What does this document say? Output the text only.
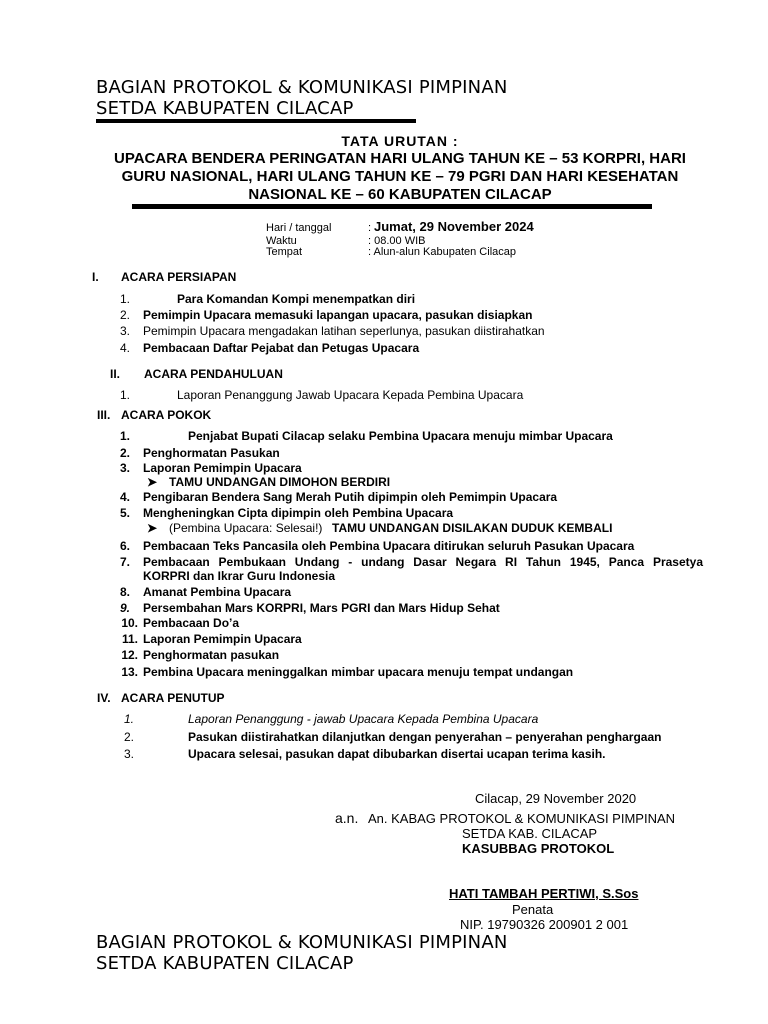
BAGIAN PROTOKOL & KOMUNIKASI PIMPINAN
SETDA KABUPATEN CILACAP
TATA URUTAN :
UPACARA BENDERA PERINGATAN HARI ULANG TAHUN KE – 53 KORPRI, HARI
GURU NASIONAL, HARI ULANG TAHUN KE – 79 PGRI DAN HARI KESEHATAN
NASIONAL KE – 60 KABUPATEN CILACAP
Hari / tanggal	: Jumat, 29 November 2024
Waktu	: 08.00 WIB
Tempat	: Alun-alun Kabupaten Cilacap
I. ACARA PERSIAPAN
1.	Para Komandan Kompi menempatkan diri
2. Pemimpin Upacara memasuki lapangan upacara, pasukan disiapkan
3. Pemimpin Upacara mengadakan latihan seperlunya, pasukan diistirahatkan
4. Pembacaan Daftar Pejabat dan Petugas Upacara
II. ACARA PENDAHULUAN
1.	Laporan Penanggung Jawab Upacara Kepada Pembina Upacara
III. ACARA POKOK
1.	Penjabat Bupati Cilacap selaku Pembina Upacara menuju mimbar Upacara
2. Penghormatan Pasukan
3. Laporan Pemimpin Upacara
➤ TAMU UNDANGAN DIMOHON BERDIRI
4. Pengibaran Bendera Sang Merah Putih dipimpin oleh Pemimpin Upacara
5. Mengheningkan Cipta dipimpin oleh Pembina Upacara
➤ (Pembina Upacara: Selesai!) TAMU UNDANGAN DISILAKAN DUDUK KEMBALI
6. Pembacaan Teks Pancasila oleh Pembina Upacara ditirukan seluruh Pasukan Upacara
7. Pembacaan Pembukaan Undang - undang Dasar Negara RI Tahun 1945, Panca Prasetya
KORPRI dan Ikrar Guru Indonesia
8. Amanat Pembina Upacara
9. Persembahan Mars KORPRI, Mars PGRI dan Mars Hidup Sehat
10. Pembacaan Do’a
11. Laporan Pemimpin Upacara
12. Penghormatan pasukan
13. Pembina Upacara meninggalkan mimbar upacara menuju tempat undangan
IV. ACARA PENUTUP
1.	Laporan Penanggung - jawab Upacara Kepada Pembina Upacara
2.	Pasukan diistirahatkan dilanjutkan dengan penyerahan – penyerahan penghargaan
3.	Upacara selesai, pasukan dapat dibubarkan disertai ucapan terima kasih.
Cilacap, 29 November 2020
a.n. An. KABAG PROTOKOL & KOMUNIKASI PIMPINAN
SETDA KAB. CILACAP
KASUBBAG PROTOKOL
HATI TAMBAH PERTIWI, S.Sos
Penata
NIP. 19790326 200901 2 001
BAGIAN PROTOKOL & KOMUNIKASI PIMPINAN
SETDA KABUPATEN CILACAP
